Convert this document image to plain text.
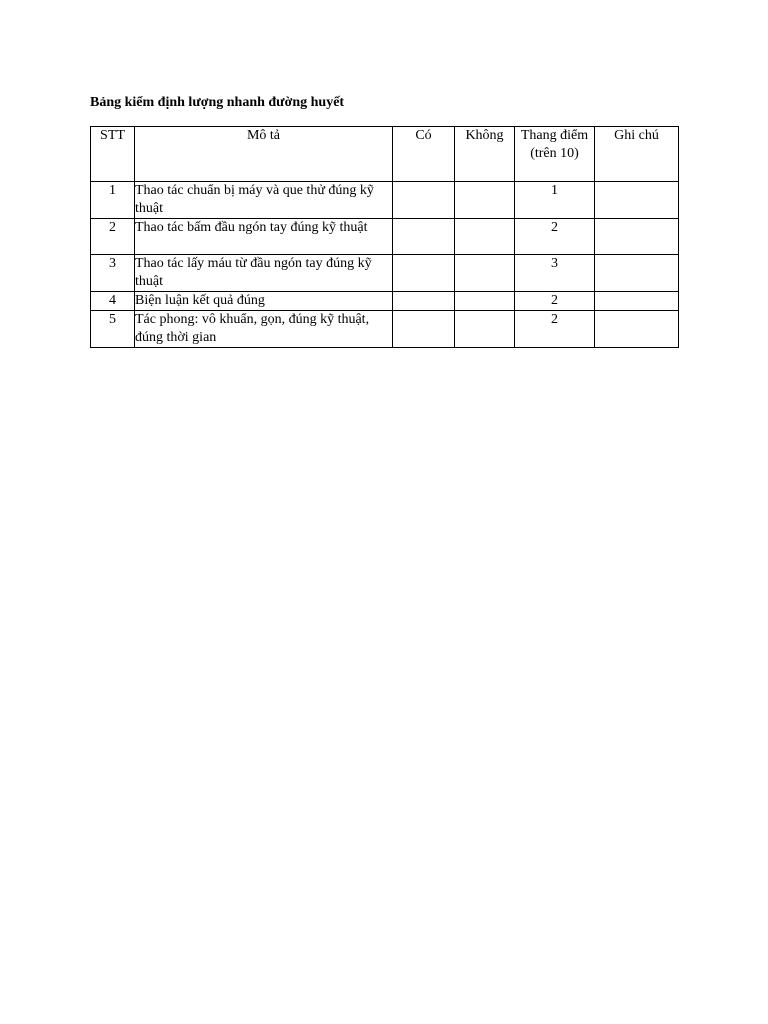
Bảng kiểm định lượng nhanh đường huyết
STT	Mô tả	Có	Không	Thang điểm (trên 10)	Ghi chú
1	Thao tác chuẩn bị máy và que thử đúng kỹ thuật			1	
2	Thao tác bấm đầu ngón tay đúng kỹ thuật			2	
3	Thao tác lấy máu từ đầu ngón tay đúng kỹ thuật			3	
4	Biện luận kết quả đúng			2	
5	Tác phong: vô khuẩn, gọn, đúng kỹ thuật, đúng thời gian			2	
